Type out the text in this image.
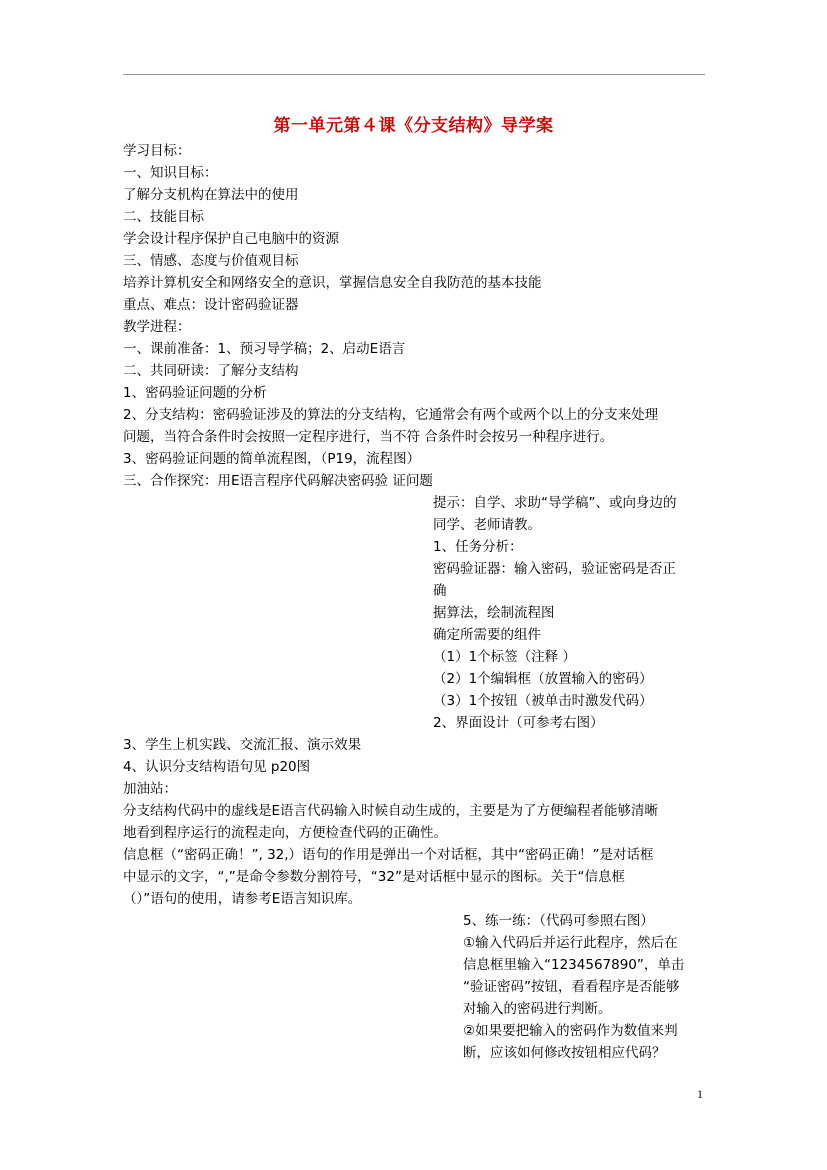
第一单元第４课《分支结构》导学案
学习目标：
一、知识目标：
了解分支机构在算法中的使用
二、技能目标
学会设计程序保护自己电脑中的资源
三、情感、态度与价值观目标
培养计算机安全和网络安全的意识，掌握信息安全自我防范的基本技能
重点、难点：设计密码验证器
教学进程：
一、课前准备：1、预习导学稿；2、启动E语言
二、共同研读：了解分支结构
1、密码验证问题的分析
2、分支结构：密码验证涉及的算法的分支结构，它通常会有两个或两个以上的分支来处理
问题，当符合条件时会按照一定程序进行，当不符 合条件时会按另一种程序进行。
3、密码验证问题的简单流程图，（P19，流程图）
三、合作探究：用E语言程序代码解决密码验 证问题
提示：自学、求助“导学稿”、或向身边的
同学、老师请教。
1、任务分析：
密码验证器：输入密码，验证密码是否正
确
据算法，绘制流程图
确定所需要的组件
（1）1个标签（注释 ）
（2）1个编辑框（放置输入的密码）
（3）1个按钮（被单击时激发代码）
2、界面设计（可参考右图）
3、学生上机实践、交流汇报、演示效果
4、认识分支结构语句见 p20图
加油站：
分支结构代码中的虚线是E语言代码输入时候自动生成的，主要是为了方便编程者能够清晰
地看到程序运行的流程走向，方便检查代码的正确性。
信息框（“密码正确！”, 32,）语句的作用是弹出一个对话框，其中“密码正确！”是对话框
中显示的文字，“,”是命令参数分割符号，“32”是对话框中显示的图标。关于“信息框
（）”语句的使用，请参考E语言知识库。
5、练一练：（代码可参照右图）
①输入代码后并运行此程序，然后在
信息框里输入“1234567890”，单击
“验证密码”按钮，看看程序是否能够
对输入的密码进行判断。
②如果要把输入的密码作为数值来判
断，应该如何修改按钮相应代码？
1
